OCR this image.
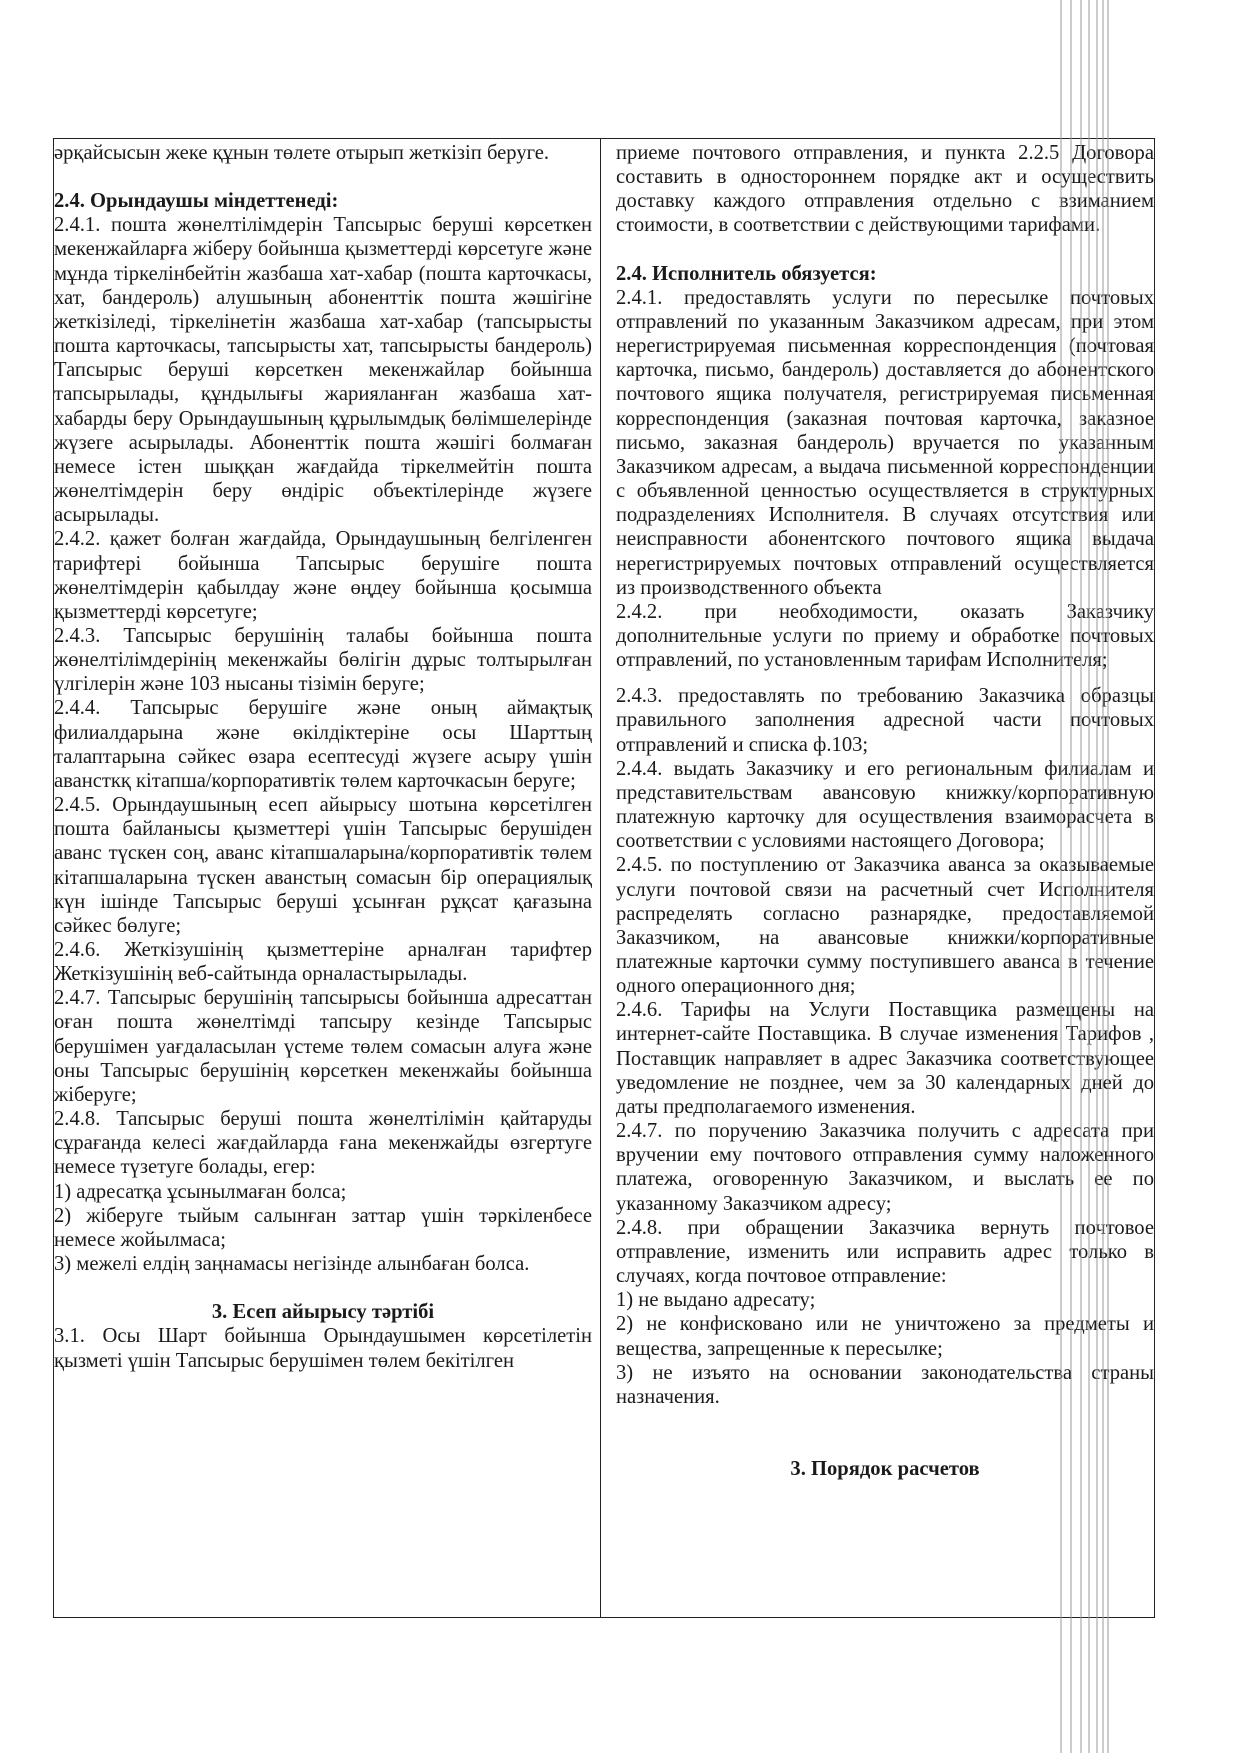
әрқайсысын жеке құнын төлете отырып жеткізіп беруге.

2.4. Орындаушы міндеттенеді:

2.4.1. пошта жөнелтілімдерін Тапсырыс беруші көрсеткен мекенжайларға жіберу бойынша қызметтерді көрсетуге және мұнда тіркелінбейтін жазбаша хат-хабар (пошта карточкасы, хат, бандероль) алушының абоненттік пошта жәшігіне жеткізіледі, тіркелінетін жазбаша хат-хабар (тапсырысты пошта карточкасы, тапсырысты хат, тапсырысты бандероль) Тапсырыс беруші көрсеткен мекенжайлар бойынша тапсырылады, құндылығы жарияланған жазбаша хат-хабарды беру Орындаушының құрылымдық бөлімшелерінде жүзеге асырылады. Абоненттік пошта жәшігі болмаған немесе істен шыққан жағдайда тіркелмейтін пошта жөнелтімдерін беру өндіріс объектілерінде жүзеге асырылады.

2.4.2. қажет болған жағдайда, Орындаушының белгіленген тарифтері бойынша Тапсырыс берушіге пошта жөнелтімдерін қабылдау және өңдеу бойынша қосымша қызметтерді көрсетуге;

2.4.3. Тапсырыс берушінің талабы бойынша пошта жөнелтілімдерінің мекенжайы бөлігін дұрыс толтырылған үлгілерін және 103 нысаны тізімін беруге;

2.4.4. Тапсырыс берушіге және оның аймақтық филиалдарына және өкілдіктеріне осы Шарттың талаптарына сәйкес өзара есептесуді жүзеге асыру үшін авансткқ кітапша/корпоративтік төлем карточкасын беруге;

2.4.5. Орындаушының есеп айырысу шотына көрсетілген пошта байланысы қызметтері үшін Тапсырыс берушіден аванс түскен соң, аванс кітапшаларына/корпоративтік төлем кітапшаларына түскен аванстың сомасын бір операциялық күн ішінде Тапсырыс беруші ұсынған рұқсат қағазына сәйкес бөлуге;

2.4.6. Жеткізушінің қызметтеріне арналған тарифтер Жеткізушінің веб-сайтында орналастырылады.

2.4.7. Тапсырыс берушінің тапсырысы бойынша адресаттан оған пошта жөнелтімді тапсыру кезінде Тапсырыс берушімен уағдаласылан үстеме төлем сомасын алуға және оны Тапсырыс берушінің көрсеткен мекенжайы бойынша жіберуге;

2.4.8. Тапсырыс беруші пошта жөнелтілімін қайтаруды сұрағанда келесі жағдайларда ғана мекенжайды өзгертуге немесе түзетуге болады, егер:

1) адресатқа ұсынылмаған болса;

2) жіберуге тыйым салынған заттар үшін тәркіленбесе немесе жойылмаса;

3) межелі елдің заңнамасы негізінде алынбаған болса.

3. Есеп айырысу тәртібі

3.1. Осы Шарт бойынша Орындаушымен көрсетілетін қызметі үшін Тапсырыс берушімен төлем бекітілген

приеме почтового отправления, и пункта 2.2.5 Договора составить в одностороннем порядке акт и осуществить доставку каждого отправления отдельно с взиманием стоимости, в соответствии с действующими тарифами.

2.4. Исполнитель обязуется:

2.4.1. предоставлять услуги по пересылке почтовых отправлений по указанным Заказчиком адресам, при этом нерегистрируемая письменная корреспонденция (почтовая карточка, письмо, бандероль) доставляется до абонентского почтового ящика получателя, регистрируемая письменная корреспонденция (заказная почтовая карточка, заказное письмо, заказная бандероль) вручается по указанным Заказчиком адресам, а выдача письменной корреспонденции с объявленной ценностью осуществляется в структурных подразделениях Исполнителя. В случаях отсутствия или неисправности абонентского почтового ящика выдача нерегистрируемых почтовых отправлений осуществляется из производственного объекта

2.4.2. при необходимости, оказать Заказчику дополнительные услуги по приему и обработке почтовых отправлений, по установленным тарифам Исполнителя;

2.4.3. предоставлять по требованию Заказчика образцы правильного заполнения адресной части почтовых отправлений и списка ф.103;

2.4.4. выдать Заказчику и его региональным филиалам и представительствам авансовую книжку/корпоративную платежную карточку для осуществления взаиморасчета в соответствии с условиями настоящего Договора;

2.4.5. по поступлению от Заказчика аванса за оказываемые услуги почтовой связи на расчетный счет Исполнителя распределять согласно разнарядке, предоставляемой Заказчиком, на авансовые книжки/корпоративные платежные карточки сумму поступившего аванса в течение одного операционного дня;

2.4.6. Тарифы на Услуги Поставщика размещены на интернет-сайте Поставщика. В случае изменения Тарифов , Поставщик направляет в адрес Заказчика соответствующее уведомление не позднее, чем за 30 календарных дней до даты предполагаемого изменения.

2.4.7. по поручению Заказчика получить с адресата при вручении ему почтового отправления сумму наложенного платежа, оговоренную Заказчиком, и выслать ее по указанному Заказчиком адресу;

2.4.8. при обращении Заказчика вернуть почтовое отправление, изменить или исправить адрес только в случаях, когда почтовое отправление:

1) не выдано адресату;

2) не конфисковано или не уничтожено за предметы и вещества, запрещенные к пересылке;

3) не изъято на основании законодательства страны назначения.

3. Порядок расчетов
